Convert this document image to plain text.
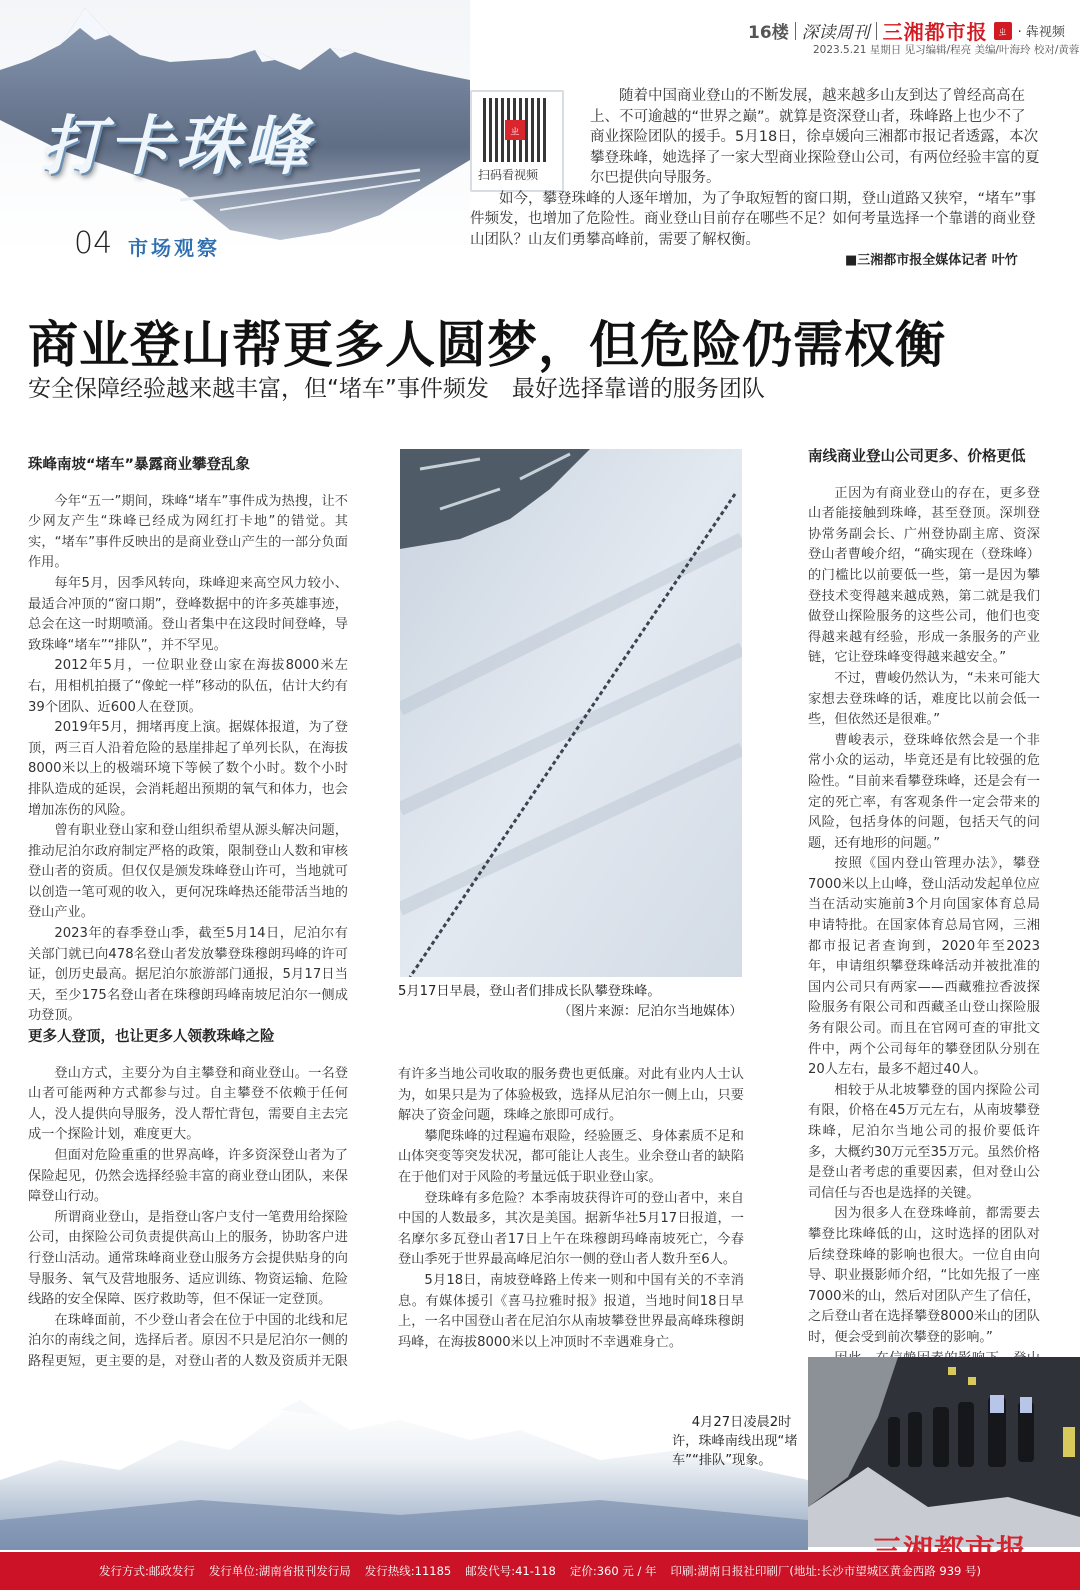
打卡珠峰
04 市场观察
16楼 深读周刊 三湘都市报 ㄓ · 犇视频
2023.5.21 星期日 见习编辑/程亮 美编/叶海玲 校对/黄蓉
ㄓ
扫码看视频

随着中国商业登山的不断发展，越来越多山友到达了曾经高高在上、不可逾越的“世界之巅”。就算是资深登山者，珠峰路上也少不了商业探险团队的援手。5月18日，徐卓媛向三湘都市报记者透露，本次攀登珠峰，她选择了一家大型商业探险登山公司，有两位经验丰富的夏尔巴提供向导服务。

如今，攀登珠峰的人逐年增加，为了争取短暂的窗口期，登山道路又狭窄，“堵车”事件频发，也增加了危险性。商业登山目前存在哪些不足？如何考量选择一个靠谱的商业登山团队？山友们勇攀高峰前，需要了解权衡。

■三湘都市报全媒体记者 叶竹
商业登山帮更多人圆梦，但危险仍需权衡
安全保障经验越来越丰富，但“堵车”事件频发　最好选择靠谱的服务团队
珠峰南坡“堵车”暴露商业攀登乱象

今年“五一”期间，珠峰“堵车”事件成为热搜，让不少网友产生“珠峰已经成为网红打卡地”的错觉。其实，“堵车”事件反映出的是商业登山产生的一部分负面作用。

每年5月，因季风转向，珠峰迎来高空风力较小、最适合冲顶的“窗口期”，登峰数据中的许多英雄事迹，总会在这一时期喷涌。登山者集中在这段时间登峰，导致珠峰“堵车”“排队”，并不罕见。

2012年5月，一位职业登山家在海拔8000米左右，用相机拍摄了“像蛇一样”移动的队伍，估计大约有39个团队、近600人在登顶。

2019年5月，拥堵再度上演。据媒体报道，为了登顶，两三百人沿着危险的悬崖排起了单列长队，在海拔8000米以上的极端环境下等候了数个小时。数个小时排队造成的延误，会消耗超出预期的氧气和体力，也会增加冻伤的风险。

曾有职业登山家和登山组织希望从源头解决问题，推动尼泊尔政府制定严格的政策，限制登山人数和审核登山者的资质。但仅仅是颁发珠峰登山许可，当地就可以创造一笔可观的收入，更何况珠峰热还能带活当地的登山产业。

2023年的春季登山季，截至5月14日，尼泊尔有关部门就已向478名登山者发放攀登珠穆朗玛峰的许可证，创历史最高。据尼泊尔旅游部门通报，5月17日当天，至少175名登山者在珠穆朗玛峰南坡尼泊尔一侧成功登顶。

5月17日早晨，登山者们排成长队攀登珠峰。
（图片来源：尼泊尔当地媒体）
更多人登顶，也让更多人领教珠峰之险

登山方式，主要分为自主攀登和商业登山。一名登山者可能两种方式都参与过。自主攀登不依赖于任何人，没人提供向导服务，没人帮忙背包，需要自主去完成一个探险计划，难度更大。

但面对危险重重的世界高峰，许多资深登山者为了保险起见，仍然会选择经验丰富的商业登山团队，来保障登山行动。

所谓商业登山，是指登山客户支付一笔费用给探险公司，由探险公司负责提供高山上的服务，协助客户进行登山活动。通常珠峰商业登山服务方会提供贴身的向导服务、氧气及营地服务、适应训练、物资运输、危险线路的安全保障、医疗救助等，但不保证一定登顶。

在珠峰面前，不少登山者会在位于中国的北线和尼泊尔的南线之间，选择后者。原因不只是尼泊尔一侧的路程更短，更主要的是，对登山者的人数及资质并无限

有许多当地公司收取的服务费也更低廉。对此有业内人士认为，如果只是为了体验极致，选择从尼泊尔一侧上山，只要解决了资金问题，珠峰之旅即可成行。

攀爬珠峰的过程遍布艰险，经验匮乏、身体素质不足和山体突变等突发状况，都可能让人丧生。业余登山者的缺陷在于他们对于风险的考量远低于职业登山家。

登珠峰有多危险？本季南坡获得许可的登山者中，来自中国的人数最多，其次是美国。据新华社5月17日报道，一名摩尔多瓦登山者17日上午在珠穆朗玛峰南坡死亡，今春登山季死于世界最高峰尼泊尔一侧的登山者人数升至6人。

5月18日，南坡登峰路上传来一则和中国有关的不幸消息。有媒体援引《喜马拉雅时报》报道，当地时间18日早上，一名中国登山者在尼泊尔从南坡攀登世界最高峰珠穆朗玛峰，在海拔8000米以上冲顶时不幸遇难身亡。

南线商业登山公司更多、价格更低

正因为有商业登山的存在，更多登山者能接触到珠峰，甚至登顶。深圳登协常务副会长、广州登协副主席、资深登山者曹峻介绍，“确实现在（登珠峰）的门槛比以前要低一些，第一是因为攀登技术变得越来越成熟，第二就是我们做登山探险服务的这些公司，他们也变得越来越有经验，形成一条服务的产业链，它让登珠峰变得越来越安全。”

不过，曹峻仍然认为，“未来可能大家想去登珠峰的话，难度比以前会低一些，但依然还是很难。”

曹峻表示，登珠峰依然会是一个非常小众的运动，毕竟还是有比较强的危险性。“目前来看攀登珠峰，还是会有一定的死亡率，有客观条件一定会带来的风险，包括身体的问题，包括天气的问题，还有地形的问题。”

按照《国内登山管理办法》，攀登7000米以上山峰，登山活动发起单位应当在活动实施前3个月向国家体育总局申请特批。在国家体育总局官网，三湘都市报记者查询到，2020年至2023年，申请组织攀登珠峰活动并被批准的国内公司只有两家——西藏雅拉香波探险服务有限公司和西藏圣山登山探险服务有限公司。而且在官网可查的审批文件中，两个公司每年的攀登团队分别在20人左右，最多不超过40人。

相较于从北坡攀登的国内探险公司有限，价格在45万元左右，从南坡攀登珠峰，尼泊尔当地公司的报价要低许多，大概约30万元至35万元。虽然价格是登山者考虑的重要因素，但对登山公司信任与否也是选择的关键。

因为很多人在登珠峰前，都需要去攀登比珠峰低的山，这时选择的团队对后续登珠峰的影响也很大。一位自由向导、职业摄影师介绍，“比如先报了一座7000米的山，然后对团队产生了信任，之后登山者在选择攀登8000米山的团队时，便会受到前次攀登的影响。”

4月27日凌晨2时许，珠峰南线出现“堵车”“排队”现象。
发行方式:邮政发行 发行单位:湖南省报刊发行局 发行热线:11185 邮发代号:41-118 定价:360 元 / 年 印刷:湖南日报社印刷厂(地址:长沙市望城区黄金西路 939 号)
